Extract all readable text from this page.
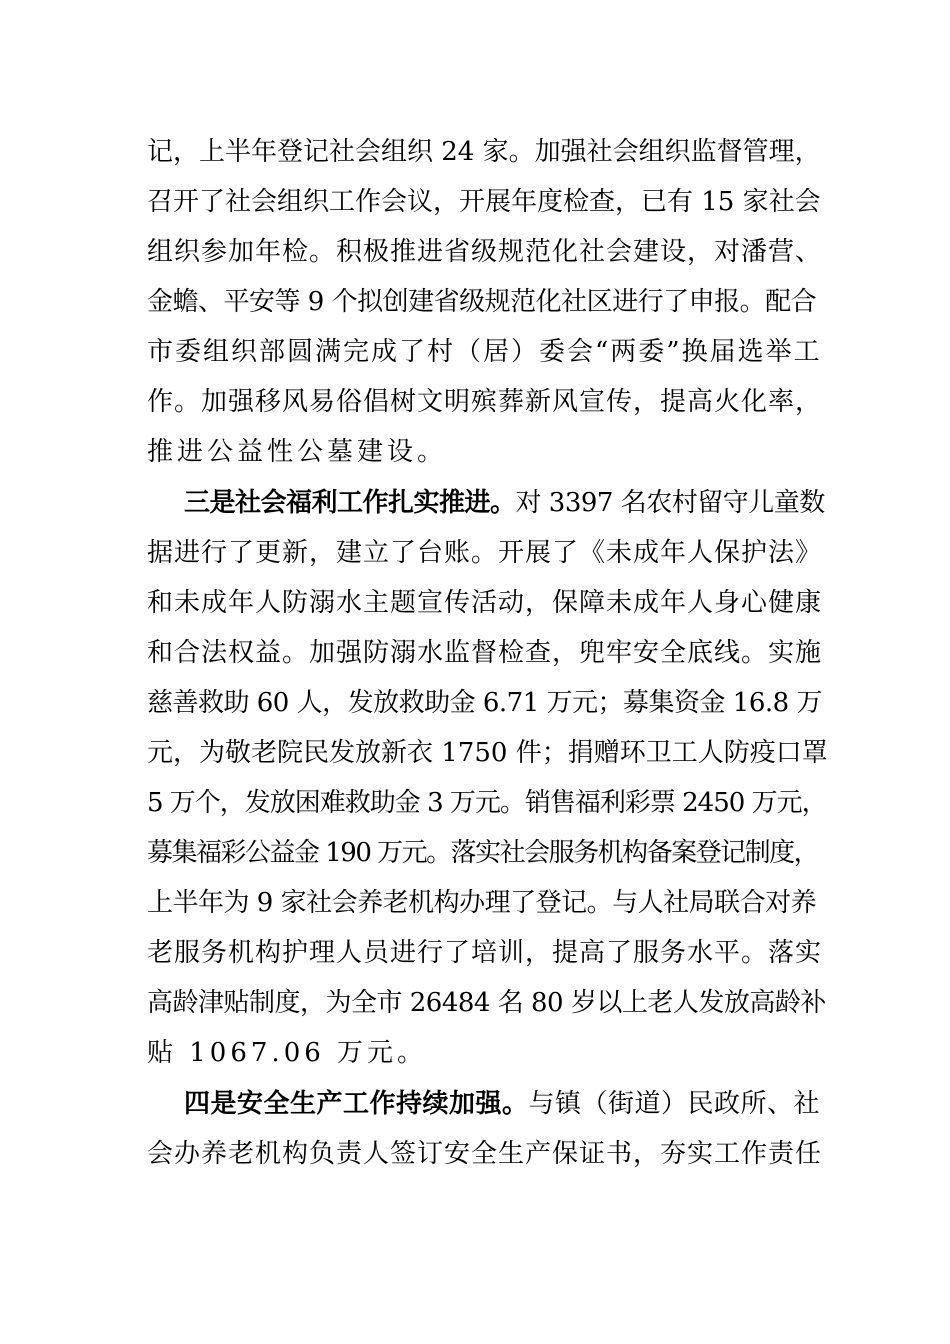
记，上半年登记社会组织 24 家。加强社会组织监督管理，

召开了社会组织工作会议，开展年度检查，已有 15 家社会

组织参加年检。积极推进省级规范化社会建设，对潘营、

金蟾、平安等 9 个拟创建省级规范化社区进行了申报。配合

市委组织部圆满完成了村（居）委会“两委”换届选举工

作。加强移风易俗倡树文明殡葬新风宣传，提高火化率，

推进公益性公墓建设。

三是社会福利工作扎实推进。对 3397 名农村留守儿童数

据进行了更新，建立了台账。开展了《未成年人保护法》

和未成年人防溺水主题宣传活动，保障未成年人身心健康

和合法权益。加强防溺水监督检查，兜牢安全底线。实施

慈善救助 60 人，发放救助金 6.71 万元；募集资金 16.8 万

元，为敬老院民发放新衣 1750 件；捐赠环卫工人防疫口罩

5 万个，发放困难救助金 3 万元。销售福利彩票 2450 万元，

募集福彩公益金 190 万元。落实社会服务机构备案登记制度，

上半年为 9 家社会养老机构办理了登记。与人社局联合对养

老服务机构护理人员进行了培训，提高了服务水平。落实

高龄津贴制度，为全市 26484 名 80 岁以上老人发放高龄补

贴 1067.06 万元。

四是安全生产工作持续加强。与镇（街道）民政所、社

会办养老机构负责人签订安全生产保证书，夯实工作责任
